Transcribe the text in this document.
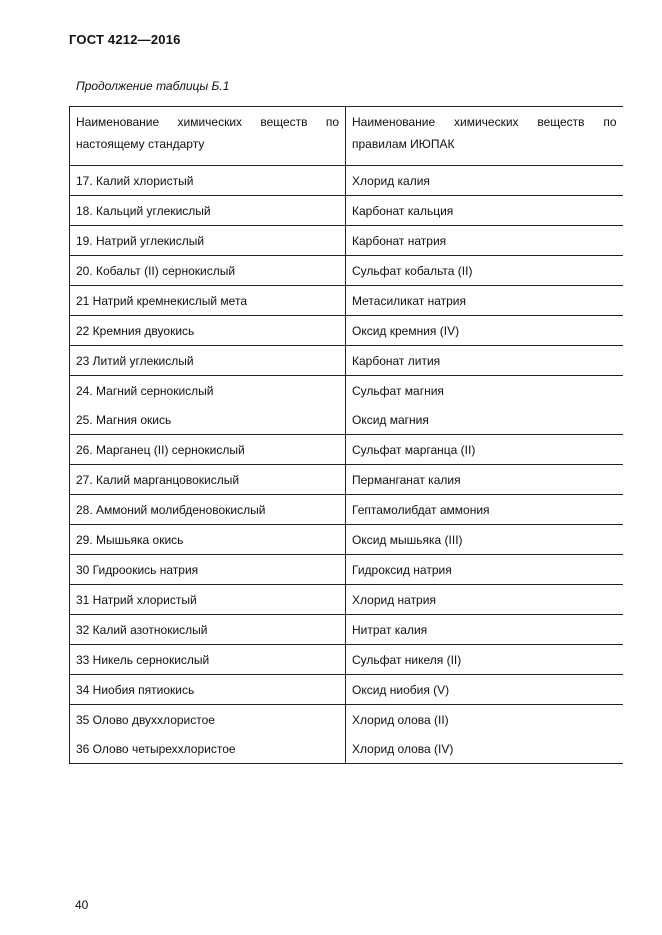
ГОСТ 4212—2016
Продолжение таблицы Б.1
Наименование химических веществ по настоящему стандарту	Наименование химических веществ по правилам ИЮПАК
17. Калий хлористый	Хлорид калия
18. Кальций углекислый	Карбонат кальция
19. Натрий углекислый	Карбонат натрия
20. Кобальт (II) сернокислый	Сульфат кобальта (II)
21 Натрий кремнекислый мета	Метасиликат натрия
22 Кремния двуокись	Оксид кремния (IV)
23 Литий углекислый	Карбонат лития
24. Магний сернокислый	Сульфат магния
25. Магния окись	Оксид магния
26. Марганец (II) сернокислый	Сульфат марганца (II)
27. Калий марганцовокислый	Перманганат калия
28. Аммоний молибденовокислый	Гептамолибдат аммония
29. Мышьяка окись	Оксид мышьяка (III)
30 Гидроокись натрия	Гидроксид натрия
31 Натрий хлористый	Хлорид натрия
32 Калий азотнокислый	Нитрат калия
33 Никель сернокислый	Сульфат никеля (II)
34 Ниобия пятиокись	Оксид ниобия (V)
35 Олово двуххлористое	Хлорид олова (II)
36 Олово четыреххлористое	Хлорид олова (IV)
40
